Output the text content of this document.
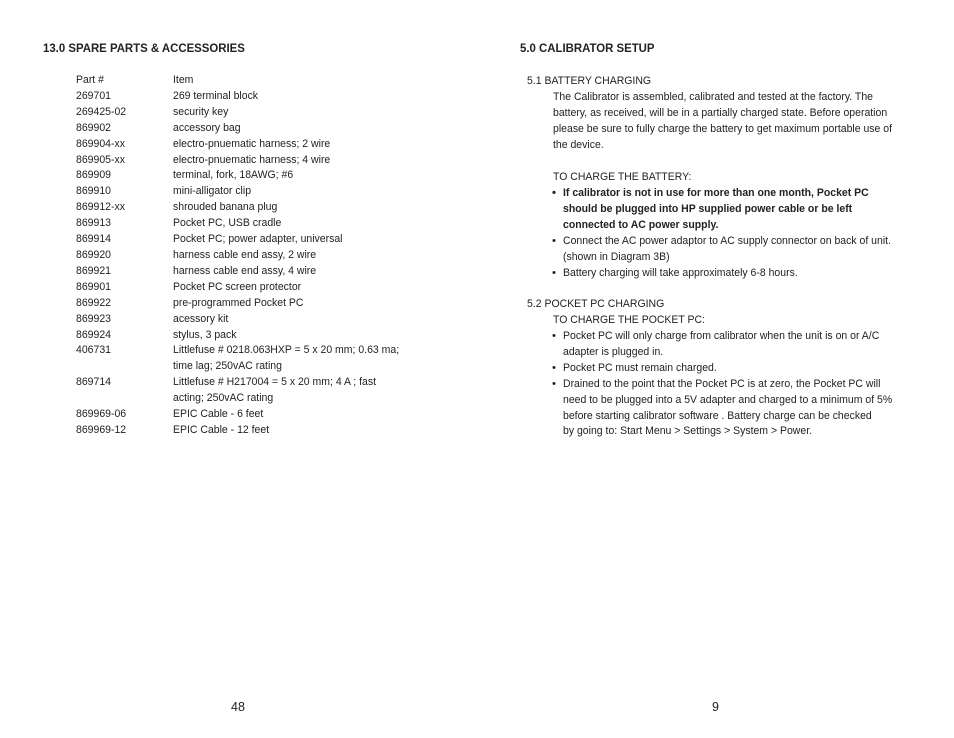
13.0 SPARE PARTS & ACCESSORIES
Part #	Item
269701	269 terminal block
269425-02	security key
869902	accessory bag
869904-xx	electro-pnuematic harness; 2 wire
869905-xx	electro-pnuematic harness; 4 wire
869909	terminal, fork, 18AWG; #6
869910	mini-alligator clip
869912-xx	shrouded banana plug
869913	Pocket PC, USB cradle
869914	Pocket PC; power adapter, universal
869920	harness cable end assy, 2 wire
869921	harness cable end assy, 4 wire
869901	Pocket PC screen protector
869922	pre-programmed Pocket PC
869923	acessory kit
869924	stylus, 3 pack
406731	Littlefuse # 0218.063HXP = 5 x 20 mm; 0.63 ma;
time lag; 250vAC rating
869714	Littlefuse # H217004 = 5 x 20 mm; 4 A ; fast
acting; 250vAC rating
869969-06	EPIC Cable - 6 feet
869969-12	EPIC Cable - 12 feet
48
5.0 CALIBRATOR SETUP
9
5.1 BATTERY CHARGING
The Calibrator is assembled, calibrated and tested at the factory. The
battery, as received, will be in a partially charged state. Before operation
please be sure to fully charge the battery to get maximum portable use of
the device.
TO CHARGE THE BATTERY:
• If calibrator is not in use for more than one month, Pocket PC
should be plugged into HP supplied power cable or be left
connected to AC power supply.
• Connect the AC power adaptor to AC supply connector on back of unit.
(shown in Diagram 3B)
• Battery charging will take approximately 6-8 hours.
5.2 POCKET PC CHARGING
TO CHARGE THE POCKET PC:
• Pocket PC will only charge from calibrator when the unit is on or A/C
adapter is plugged in.
• Pocket PC must remain charged.
• Drained to the point that the Pocket PC is at zero, the Pocket PC will
need to be plugged into a 5V adapter and charged to a minimum of 5%
before starting calibrator software . Battery charge can be checked
by going to: Start Menu > Settings > System > Power.
